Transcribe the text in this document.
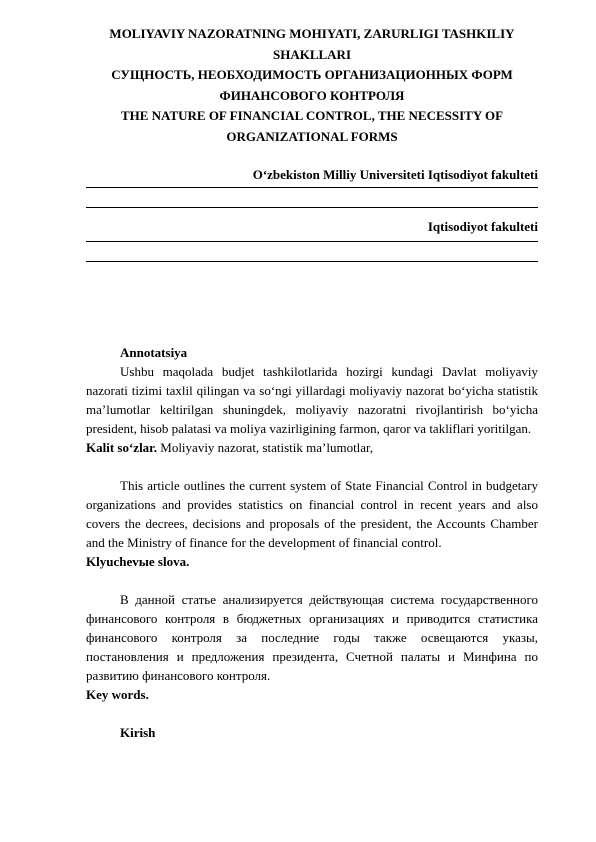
MOLIYAVIY NAZORATNING MOHIYATI, ZARURLIGI TASHKILIY

SHAKLLARI

СУЩНОСТЬ, НЕОБХОДИМОСТЬ ОРГАНИЗАЦИОННЫХ ФОРМ

ФИНАНСОВОГО КОНТРОЛЯ

THE NATURE OF FINANCIAL CONTROL, THE NECESSITY OF

ORGANIZATIONAL FORMS

O‘zbekiston Milliy Universiteti Iqtisodiyot fakulteti

Iqtisodiyot fakulteti

Annotatsiya

Ushbu maqolada budjet tashkilotlarida hozirgi kundagi Davlat moliyaviy nazorati tizimi taxlil qilingan va so‘ngi yillardagi moliyaviy nazorat bo‘yicha statistik ma’lumotlar keltirilgan shuningdek, moliyaviy nazoratni rivojlantirish bo‘yicha president, hisob palatasi va moliya vazirligining farmon, qaror va takliflari yoritilgan.

Kalit so‘zlar. Moliyaviy nazorat, statistik ma’lumotlar,

This article outlines the current system of State Financial Control in budgetary organizations and provides statistics on financial control in recent years and also covers the decrees, decisions and proposals of the president, the Accounts Chamber and the Ministry of finance for the development of financial control.

Klyuchevыe slova.

В данной статье анализируется действующая система государственного финансового контроля в бюджетных организациях и приводится статистика финансового контроля за последние годы также освещаются указы, постановления и предложения президента, Счетной палаты и Минфина по развитию финансового контроля.

Key words.

Kirish
